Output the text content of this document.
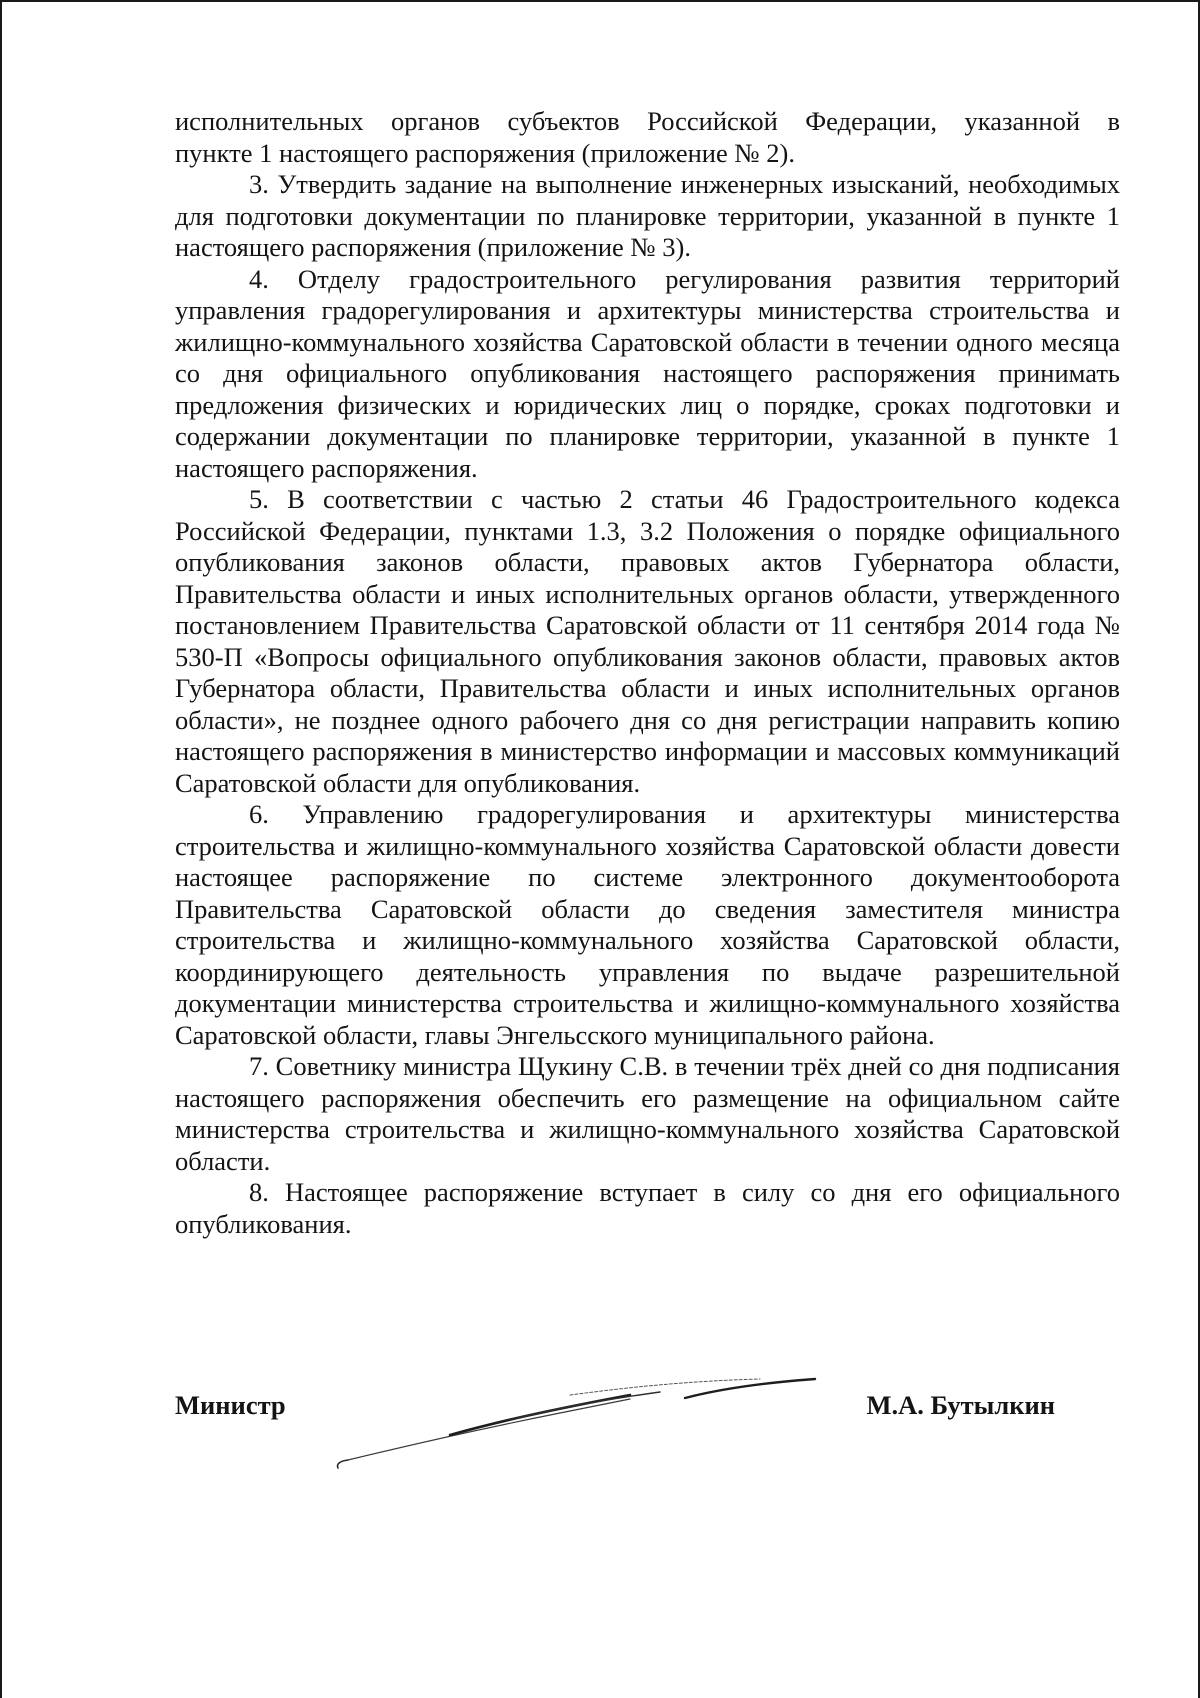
исполнительных органов субъектов Российской Федерации, указанной в

пункте 1 настоящего распоряжения (приложение № 2).

3. Утвердить задание на выполнение инженерных изысканий, необходимых для подготовки документации по планировке территории, указанной в пункте 1 настоящего распоряжения (приложение № 3).

4. Отделу градостроительного регулирования развития территорий управления градорегулирования и архитектуры министерства строительства и жилищно-коммунального хозяйства Саратовской области в течении одного месяца со дня официального опубликования настоящего распоряжения принимать предложения физических и юридических лиц о порядке, сроках подготовки и содержании документации по планировке территории, указанной в пункте 1 настоящего распоряжения.

5. В соответствии с частью 2 статьи 46 Градостроительного кодекса Российской Федерации, пунктами 1.3, 3.2 Положения о порядке официального опубликования законов области, правовых актов Губернатора области, Правительства области и иных исполнительных органов области, утвержденного постановлением Правительства Саратовской области от 11 сентября 2014 года № 530-П «Вопросы официального опубликования законов области, правовых актов Губернатора области, Правительства области и иных исполнительных органов области», не позднее одного рабочего дня со дня регистрации направить копию настоящего распоряжения в министерство информации и массовых коммуникаций Саратовской области для опубликования.

6. Управлению градорегулирования и архитектуры министерства строительства и жилищно-коммунального хозяйства Саратовской области довести настоящее распоряжение по системе электронного документооборота Правительства Саратовской области до сведения заместителя министра строительства и жилищно-коммунального хозяйства Саратовской области, координирующего деятельность управления по выдаче разрешительной документации министерства строительства и жилищно-коммунального хозяйства Саратовской области, главы Энгельсского муниципального района.

7. Советнику министра Щукину С.В. в течении трёх дней со дня подписания настоящего распоряжения обеспечить его размещение на официальном сайте министерства строительства и жилищно-коммунального хозяйства Саратовской области.

8. Настоящее распоряжение вступает в силу со дня его официального опубликования.

Министр	М.А. Бутылкин
